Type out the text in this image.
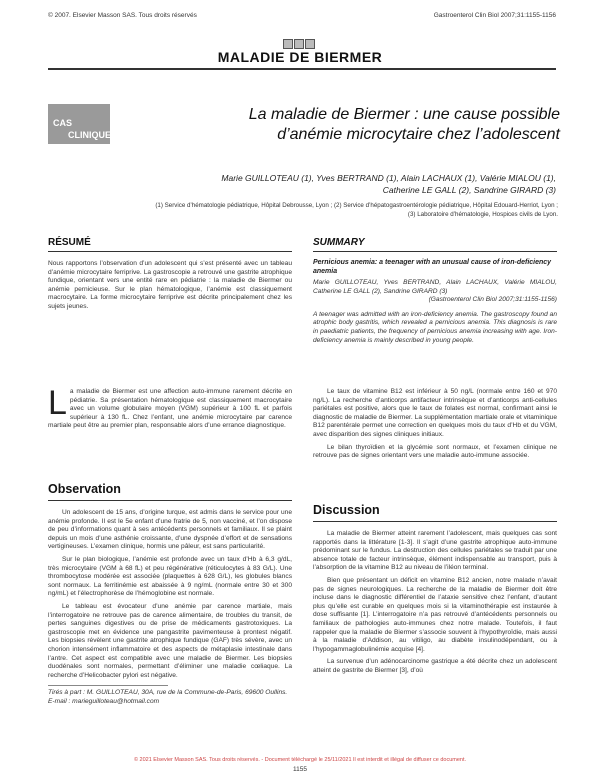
© 2007. Elsevier Masson SAS. Tous droits réservés	Gastroenterol Clin Biol 2007;31:1155-1156
MALADIE DE BIERMER
CAS
CLINIQUE
La maladie de Biermer : une cause possible
d’anémie microcytaire chez l’adolescent
Marie GUILLOTEAU (1), Yves BERTRAND (1), Alain LACHAUX (1), Valérie MIALOU (1),
Catherine LE GALL (2), Sandrine GIRARD (3)
(1) Service d’hématologie pédiatrique, Hôpital Debrousse, Lyon ; (2) Service d’hépatogastroentérologie pédiatrique, Hôpital Edouard-Herriot, Lyon ;
(3) Laboratoire d’hématologie, Hospices civils de Lyon.
RÉSUMÉ
Nous rapportons l’observation d’un adolescent qui s’est présenté avec un tableau d’anémie microcytaire ferriprive. La gastroscopie a retrouvé une gastrite atrophique fundique, orientant vers une entité rare en pédiatrie : la maladie de Biermer ou anémie pernicieuse. Sur le plan hématologique, l’anémie est classiquement macrocytaire. La forme microcytaire ferriprive est décrite principalement chez les sujets jeunes.
SUMMARY
Pernicious anemia: a teenager with an unusual cause of iron-deficiency anemia
Marie GUILLOTEAU, Yves BERTRAND, Alain LACHAUX, Valérie MIALOU, Catherine LE GALL (2), Sandrine GIRARD (3)
(Gastroenterol Clin Biol 2007;31:1155-1156)
A teenager was admitted with an iron-deficiency anemia. The gastroscopy found an atrophic body gastritis, which revealed a pernicious anemia. This diagnosis is rare in paediatric patients, the frequency of pernicious anemia increasing with age. Iron-deficiency anemia is mainly described in young people.
L a maladie de Biermer est une affection auto-immune rarement décrite en pédiatrie. Sa présentation hématologique est classiquement macrocytaire avec un volume globulaire moyen (VGM) supérieur à 100 fL et parfois supérieur à 130 fL. Chez l’enfant, une anémie microcytaire par carence martiale peut être au premier plan, responsable alors d’une errance diagnostique.
Observation
Un adolescent de 15 ans, d’origine turque, est admis dans le service pour une anémie profonde. Il est le 5e enfant d’une fratrie de 5, non vacciné, et l’on dispose de peu d’informations quant à ses antécédents personnels et familiaux. Il se plaint depuis un mois d’une asthénie croissante, d’une dyspnée d’effort et de sensations vertigineuses. L’examen clinique, hormis une pâleur, est sans particularité.
Sur le plan biologique, l’anémie est profonde avec un taux d’Hb à 6,3 g/dL, très microcytaire (VGM à 68 fL) et peu régénérative (réticulocytes à 83 G/L). Une thrombocytose modérée est associée (plaquettes à 628 G/L), les globules blancs sont normaux. La ferritinémie est abaissée à 9 ng/mL (normale entre 30 et 300 ng/mL) et l’électrophorèse de l’hémoglobine est normale.
Le tableau est évocateur d’une anémie par carence martiale, mais l’interrogatoire ne retrouve pas de carence alimentaire, de troubles du transit, de pertes sanguines digestives ou de prise de médicaments gastrotoxiques. La gastroscopie met en évidence une pangastrite pavimenteuse à prontest négatif. Les biopsies révèlent une gastrite atrophique fundique (GAF) très sévère, avec un chorion intensément inflammatoire et des aspects de métaplasie intestinale dans l’antre. Cet aspect est compatible avec une maladie de Biermer. Les biopsies duodénales sont normales, permettant d’éliminer une maladie cœliaque. La recherche d’Helicobacter pylori est négative.
Tirés à part : M. GUILLOTEAU, 30A, rue de la Commune-de-Paris, 69600 Oullins.
E-mail : marieguilloteau@hotmail.com
Le taux de vitamine B12 est inférieur à 50 ng/L (normale entre 160 et 970 ng/L). La recherche d’anticorps antifacteur intrinsèque et d’anticorps anti-cellules pariétales est positive, alors que le taux de folates est normal, confirmant ainsi le diagnostic de maladie de Biermer. La supplémentation martiale orale et vitaminique B12 parentérale permet une correction en quelques mois du taux d’Hb et du VGM, avec disparition des signes cliniques initiaux.
Le bilan thyroïdien et la glycémie sont normaux, et l’examen clinique ne retrouve pas de signes orientant vers une maladie auto-immune associée.
Discussion
La maladie de Biermer atteint rarement l’adolescent, mais quelques cas sont rapportés dans la littérature [1-3]. Il s’agit d’une gastrite atrophique auto-immune prédominant sur le fundus. La destruction des cellules pariétales se traduit par une absence totale de facteur intrinsèque, élément indispensable au transport, puis à l’absorption de la vitamine B12 au niveau de l’iléon terminal.
Bien que présentant un déficit en vitamine B12 ancien, notre malade n’avait pas de signes neurologiques. La recherche de la maladie de Biermer doit être incluse dans le diagnostic différentiel de l’ataxie sensitive chez l’enfant, d’autant plus qu’elle est curable en quelques mois si la vitaminothérapie est instaurée à dose suffisante [1]. L’interrogatoire n’a pas retrouvé d’antécédents personnels ou familiaux de pathologies auto-immunes chez notre malade. Toutefois, il faut rappeler que la maladie de Biermer s’associe souvent à l’hypothyroïdie, mais aussi à la maladie d’Addison, au vitiligo, au diabète insulinodépendant, ou à l’hypogammaglobulinémie acquise [4].
La survenue d’un adénocarcinome gastrique a été décrite chez un adolescent atteint de gastrite de Biermer [3], d’où
© 2021 Elsevier Masson SAS. Tous droits réservés. - Document téléchargé le 25/11/2021 Il est interdit et illégal de diffuser ce document.
1155
